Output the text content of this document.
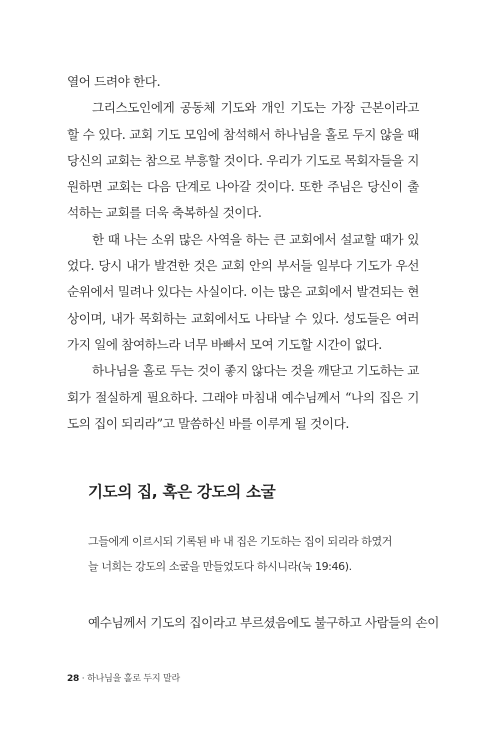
열어 드려야 한다.

그리스도인에게 공동체 기도와 개인 기도는 가장 근본이라고 할 수 있다. 교회 기도 모임에 참석해서 하나님을 홀로 두지 않을 때 당신의 교회는 참으로 부흥할 것이다. 우리가 기도로 목회자들을 지원하면 교회는 다음 단계로 나아갈 것이다. 또한 주님은 당신이 출석하는 교회를 더욱 축복하실 것이다.

한 때 나는 소위 많은 사역을 하는 큰 교회에서 설교할 때가 있었다. 당시 내가 발견한 것은 교회 안의 부서들 일부다 기도가 우선순위에서 밀려나 있다는 사실이다. 이는 많은 교회에서 발견되는 현상이며, 내가 목회하는 교회에서도 나타날 수 있다. 성도들은 여러 가지 일에 참여하느라 너무 바빠서 모여 기도할 시간이 없다.

하나님을 홀로 두는 것이 좋지 않다는 것을 깨닫고 기도하는 교회가 절실하게 필요하다. 그래야 마침내 예수님께서 “나의 집은 기도의 집이 되리라”고 말씀하신 바를 이루게 될 것이다.

기도의 집, 혹은 강도의 소굴
그들에게 이르시되 기록된 바 내 집은 기도하는 집이 되리라 하였거
늘 너희는 강도의 소굴을 만들었도다 하시니라(눅 19:46).

예수님께서 기도의 집이라고 부르셨음에도 불구하고 사람들의 손이

28 · 하나님을 홀로 두지 말라
